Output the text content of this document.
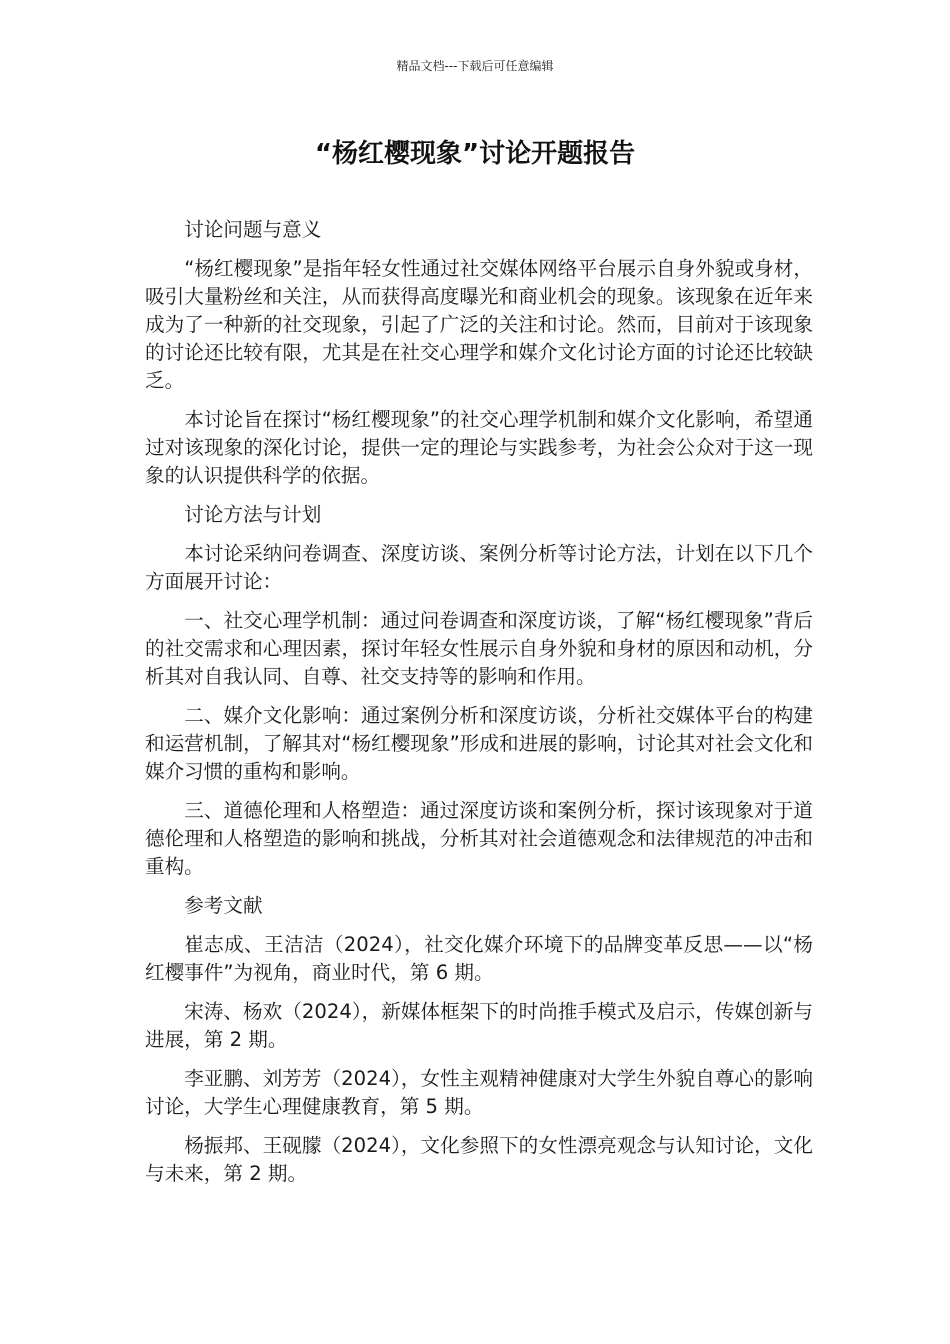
精品文档---下载后可任意编辑
“杨红樱现象”讨论开题报告

讨论问题与意义

“杨红樱现象”是指年轻女性通过社交媒体网络平台展示自身外貌或身材，吸引大量粉丝和关注，从而获得高度曝光和商业机会的现象。该现象在近年来成为了一种新的社交现象，引起了广泛的关注和讨论。然而，目前对于该现象的讨论还比较有限，尤其是在社交心理学和媒介文化讨论方面的讨论还比较缺乏。

本讨论旨在探讨“杨红樱现象”的社交心理学机制和媒介文化影响，希望通过对该现象的深化讨论，提供一定的理论与实践参考，为社会公众对于这一现象的认识提供科学的依据。

讨论方法与计划

本讨论采纳问卷调查、深度访谈、案例分析等讨论方法，计划在以下几个方面展开讨论：

一、社交心理学机制：通过问卷调查和深度访谈，了解“杨红樱现象”背后的社交需求和心理因素，探讨年轻女性展示自身外貌和身材的原因和动机，分析其对自我认同、自尊、社交支持等的影响和作用。

二、媒介文化影响：通过案例分析和深度访谈，分析社交媒体平台的构建和运营机制，了解其对“杨红樱现象”形成和进展的影响，讨论其对社会文化和媒介习惯的重构和影响。

三、道德伦理和人格塑造：通过深度访谈和案例分析，探讨该现象对于道德伦理和人格塑造的影响和挑战，分析其对社会道德观念和法律规范的冲击和重构。

参考文献

崔志成、王洁洁（2024），社交化媒介环境下的品牌变革反思——以“杨红樱事件”为视角，商业时代，第 6 期。

宋涛、杨欢（2024），新媒体框架下的时尚推手模式及启示，传媒创新与进展，第 2 期。

李亚鹏、刘芳芳（2024），女性主观精神健康对大学生外貌自尊心的影响讨论，大学生心理健康教育，第 5 期。

杨振邦、王砚朦（2024），文化参照下的女性漂亮观念与认知讨论，文化与未来，第 2 期。
